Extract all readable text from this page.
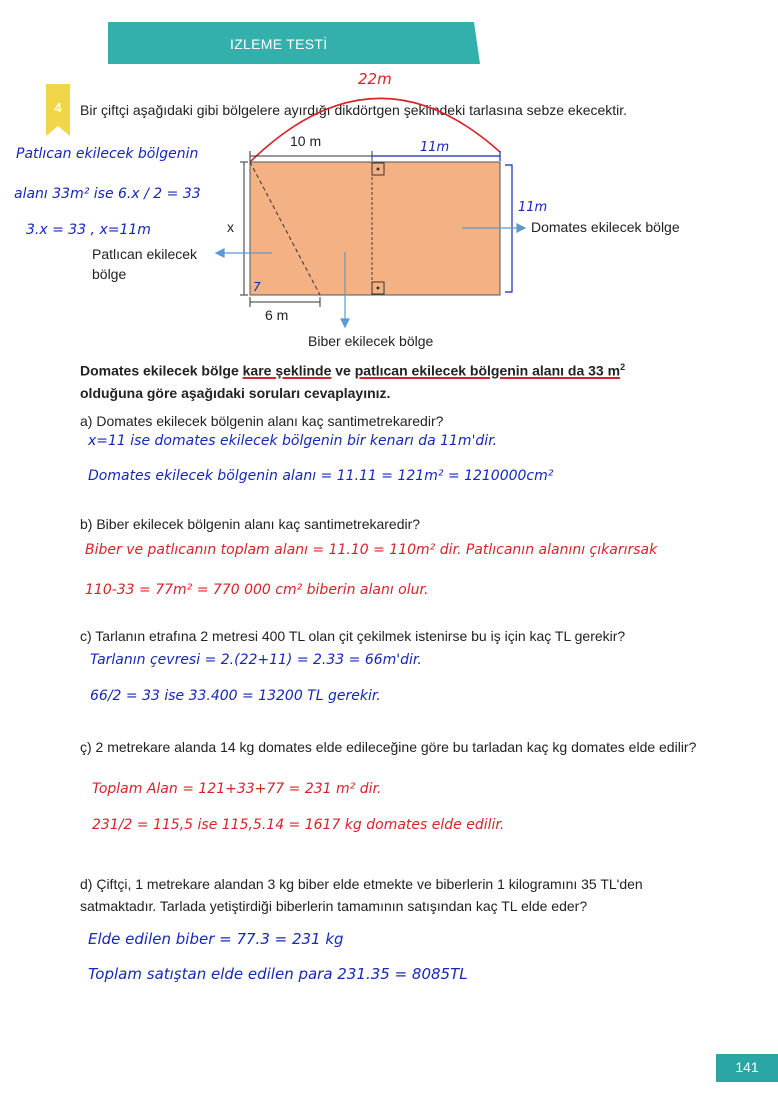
IZLEME TESTİ
4	Bir çiftçi aşağıdaki gibi bölgelere ayırdığı dikdörtgen şeklindeki tarlasına sebze ekecektir.
10 m
6 m
x
Patlıcan ekilecek
bölge
Biber ekilecek bölge
Domates ekilecek bölge
22m
11m
11m
7
Patlıcan ekilecek bölgenin
alanı 33m² ise 6.x / 2 = 33
3.x = 33 , x=11m
Domates ekilecek bölge kare şeklinde ve patlıcan ekilecek bölgenin alanı da 33 $m^2$
olduğuna göre aşağıdaki soruları cevaplayınız.
a) Domates ekilecek bölgenin alanı kaç santimetrekaredir?
x=11 ise domates ekilecek bölgenin bir kenarı da 11m'dir.
Domates ekilecek bölgenin alanı = 11.11 = 121m² = 1210000cm²
b) Biber ekilecek bölgenin alanı kaç santimetrekaredir?
Biber ve patlıcanın toplam alanı = 11.10 = 110m² dir. Patlıcanın alanını çıkarırsak
110-33 = 77m² = 770 000 cm² biberin alanı olur.
c) Tarlanın etrafına 2 metresi 400 TL olan çit çekilmek istenirse bu iş için kaç TL gerekir?
Tarlanın çevresi = 2.(22+11) = 2.33 = 66m'dir.
66/2 = 33 ise 33.400 = 13200 TL gerekir.
ç) 2 metrekare alanda 14 kg domates elde edileceğine göre bu tarladan kaç kg domates elde edilir?
Toplam Alan = 121+33+77 = 231 m² dir.
231/2 = 115,5 ise 115,5.14 = 1617 kg domates elde edilir.
d) Çiftçi, 1 metrekare alandan 3 kg biber elde etmekte ve biberlerin 1 kilogramını 35 TL'den satmaktadır. Tarlada yetiştirdiği biberlerin tamamının satışından kaç TL elde eder?
Elde edilen biber = 77.3 = 231 kg
Toplam satıştan elde edilen para 231.35 = 8085TL
141
